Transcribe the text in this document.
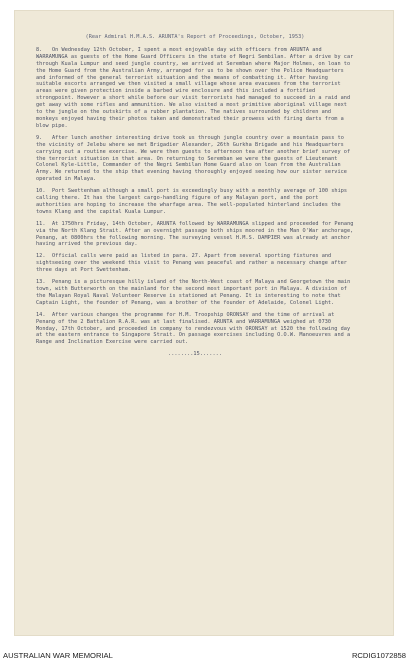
(Rear Admiral H.M.A.S. ARUNTA's Report of Proceedings, October, 1953)

8. On Wednesday 12th October, I spent a most enjoyable day with officers from ARUNTA and WARRAMUNGA as guests of the Home Guard Officers in the state of Negri Sembilan. After a drive by car through Kuala Lumpur and seed jungle country, we arrived at Seremban where Major Holmes, on loan to the Home Guard from the Australian Army, arranged for us to be shown over the Police Headquarters and informed of the general terrorist situation and the means of combatting it. After having suitable escorts arranged we then visited a small village whose area evacuees from the terrorist areas were given protection inside a barbed wire enclosure and this included a fortified strongpoint. However a short while before our visit terrorists had managed to succeed in a raid and get away with some rifles and ammunition. We also visited a most primitive aboriginal village next to the jungle on the outskirts of a rubber plantation. The natives surrounded by children and monkeys enjoyed having their photos taken and demonstrated their prowess with firing darts from a blow pipe.

9. After lunch another interesting drive took us through jungle country over a mountain pass to the vicinity of Jelebu where we met Brigadier Alexander, 26th Gurkha Brigade and his Headquarters carrying out a routine exercise. We were then guests to afternoon tea after another brief survey of the terrorist situation in that area. On returning to Seremban we were the guests of Lieutenant Colonel Kyle-Little, Commander of the Negri Sembilan Home Guard also on loan from the Australian Army. We returned to the ship that evening having thoroughly enjoyed seeing how our sister service operated in Malaya.

10. Port Swettenham although a small port is exceedingly busy with a monthly average of 100 ships calling there. It has the largest cargo-handling figure of any Malayan port, and the port authorities are hoping to increase the wharfage area. The well-populated hinterland includes the towns Klang and the capital Kuala Lumpur.

11. At 1750hrs Friday, 14th October, ARUNTA followed by WARRAMUNGA slipped and proceeded for Penang via the North Klang Strait. After an overnight passage both ships moored in the Man O'War anchorage, Penang, at 0800hrs the following morning. The surveying vessel H.M.S. DAMPIER was already at anchor having arrived the previous day.

12. Official calls were paid as listed in para. 27. Apart from several sporting fixtures and sightseeing over the weekend this visit to Penang was peaceful and rather a necessary change after three days at Port Swettenham.

13. Penang is a picturesque hilly island of the North-West coast of Malaya and Georgetown the main town, with Butterworth on the mainland for the second most important port in Malaya. A division of the Malayan Royal Naval Volunteer Reserve is stationed at Penang. It is interesting to note that Captain Light, the founder of Penang, was a brother of the founder of Adelaide, Colonel Light.

14. After various changes the programme for H.M. Troopship ORONSAY and the time of arrival at Penang of the 2 Battalion R.A.R. was at last finalised. ARUNTA and WARRAMUNGA weighed at 0730 Monday, 17th October, and proceeded in company to rendezvous with ORONSAY at 1520 the following day at the eastern entrance to Singapore Strait. On passage exercises including O.O.W. Manoeuvres and a Range and Inclination Exercise were carried out.

........15.......
AUSTRALIAN WAR MEMORIAL	RCDIG1072858
